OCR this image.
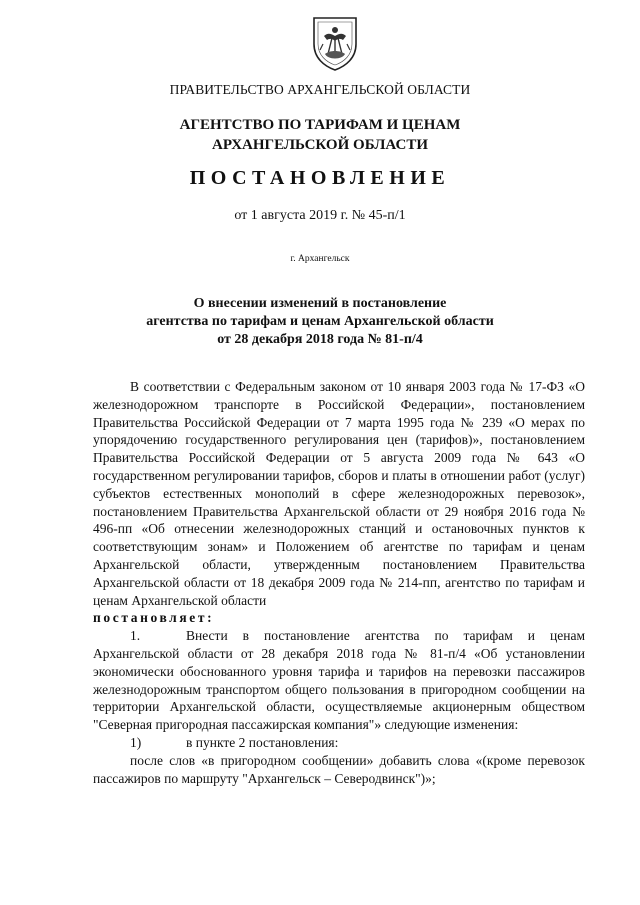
ПРАВИТЕЛЬСТВО АРХАНГЕЛЬСКОЙ ОБЛАСТИ

АГЕНТСТВО ПО ТАРИФАМ И ЦЕНАМ
АРХАНГЕЛЬСКОЙ ОБЛАСТИ

ПОСТАНОВЛЕНИЕ

от 1 августа 2019 г. № 45-п/1

г. Архангельск

О внесении изменений в постановление
агентства по тарифам и ценам Архангельской области
от 28 декабря 2018 года № 81-п/4

В соответствии с Федеральным законом от 10 января 2003 года № 17-ФЗ «О железнодорожном транспорте в Российской Федерации», постановлением Правительства Российской Федерации от 7 марта 1995 года № 239 «О мерах по упорядочению государственного регулирования цен (тарифов)», постановлением Правительства Российской Федерации от 5 августа 2009 года № 643 «О государственном регулировании тарифов, сборов и платы в отношении работ (услуг) субъектов естественных монополий в сфере железнодорожных перевозок», постановлением Правительства Архангельской области от 29 ноября 2016 года № 496-пп «Об отнесении железнодорожных станций и остановочных пунктов к соответствующим зонам» и Положением об агентстве по тарифам и ценам Архангельской области, утвержденным постановлением Правительства Архангельской области от 18 декабря 2009 года № 214-пп, агентство по тарифам и ценам Архангельской области

постановляет:

1.	Внести в постановление агентства по тарифам и ценам Архангельской области от 28 декабря 2018 года № 81-п/4 «Об установлении экономически обоснованного уровня тарифа и тарифов на перевозки пассажиров железнодорожным транспортом общего пользования в пригородном сообщении на территории Архангельской области, осуществляемые акционерным обществом "Северная пригородная пассажирская компания"» следующие изменения:

1)	в пункте 2 постановления:

после слов «в пригородном сообщении» добавить слова «(кроме перевозок пассажиров по маршруту "Архангельск – Северодвинск")»;
